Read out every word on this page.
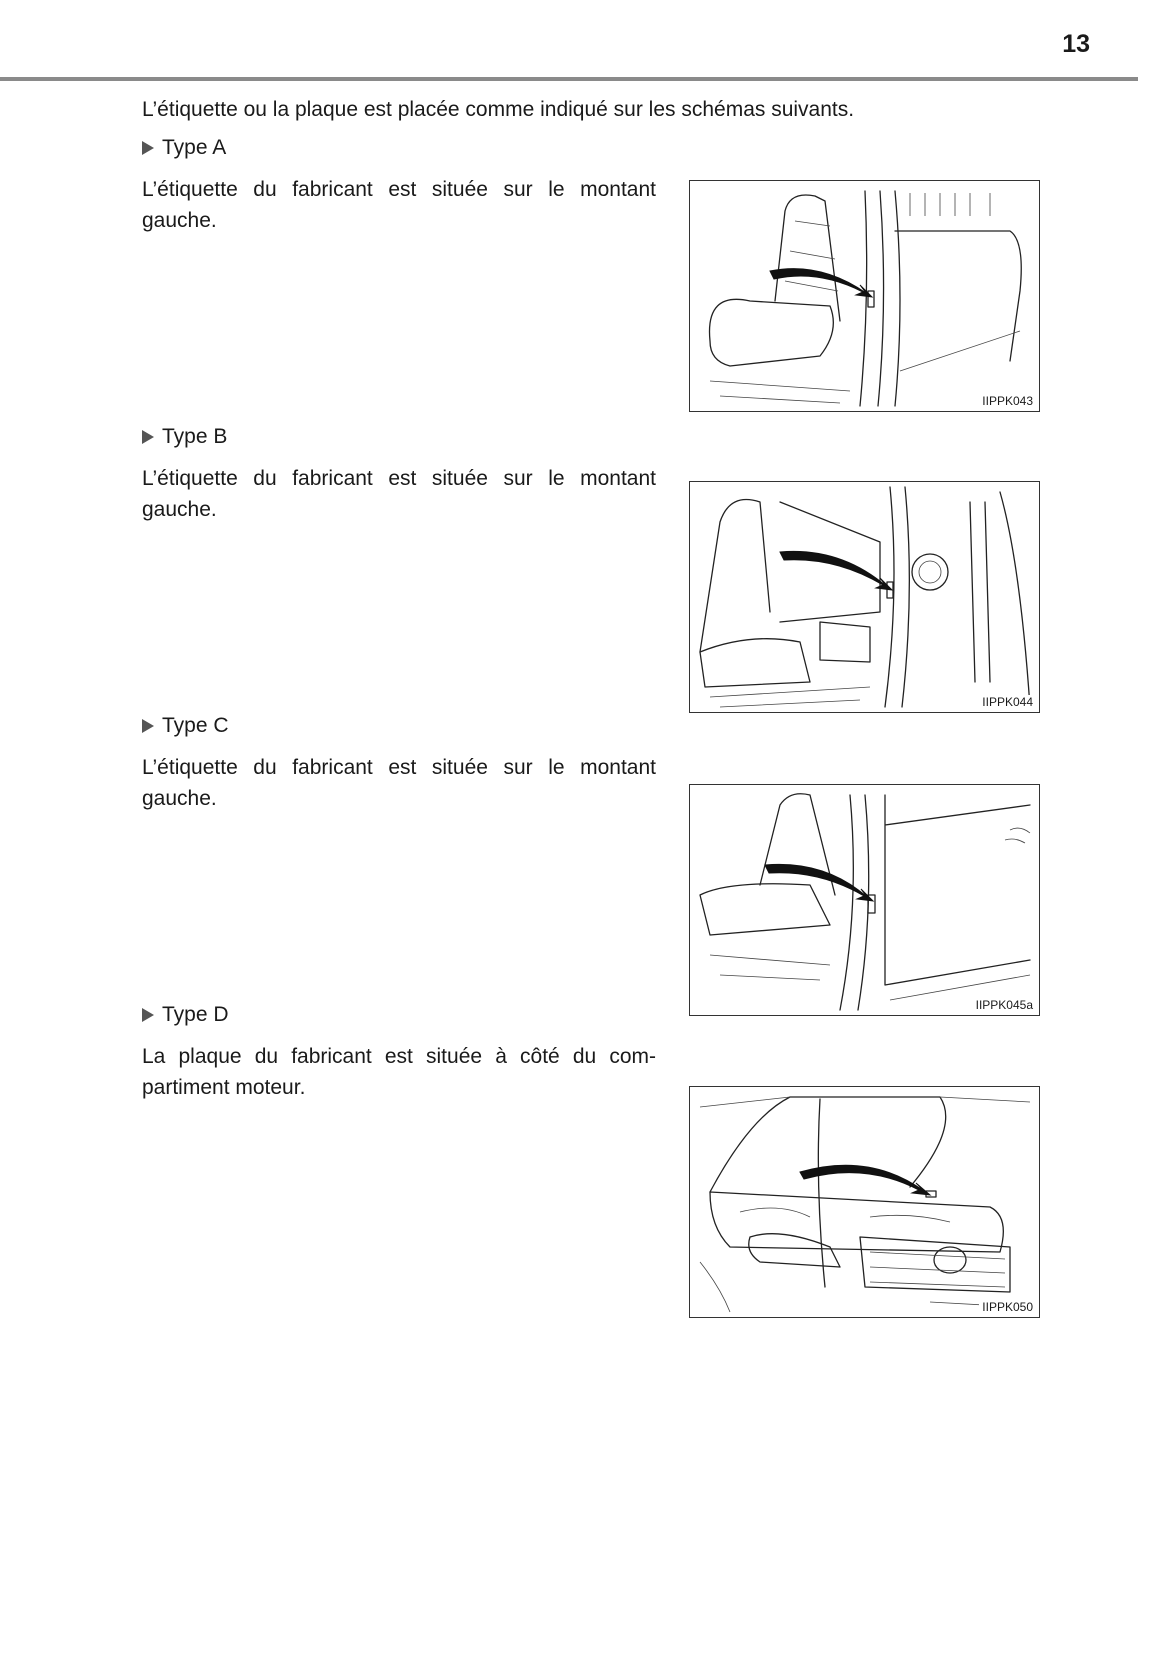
13
L’étiquette ou la plaque est placée comme indiqué sur les schémas suivants.
Type A
L’étiquette du fabricant est située sur le montant gauche.
IIPPK043
Type B
L’étiquette du fabricant est située sur le montant gauche.
IIPPK044
Type C
L’étiquette du fabricant est située sur le montant gauche.
IIPPK045a
Type D
La plaque du fabricant est située à côté du com-partiment moteur.
IIPPK050
